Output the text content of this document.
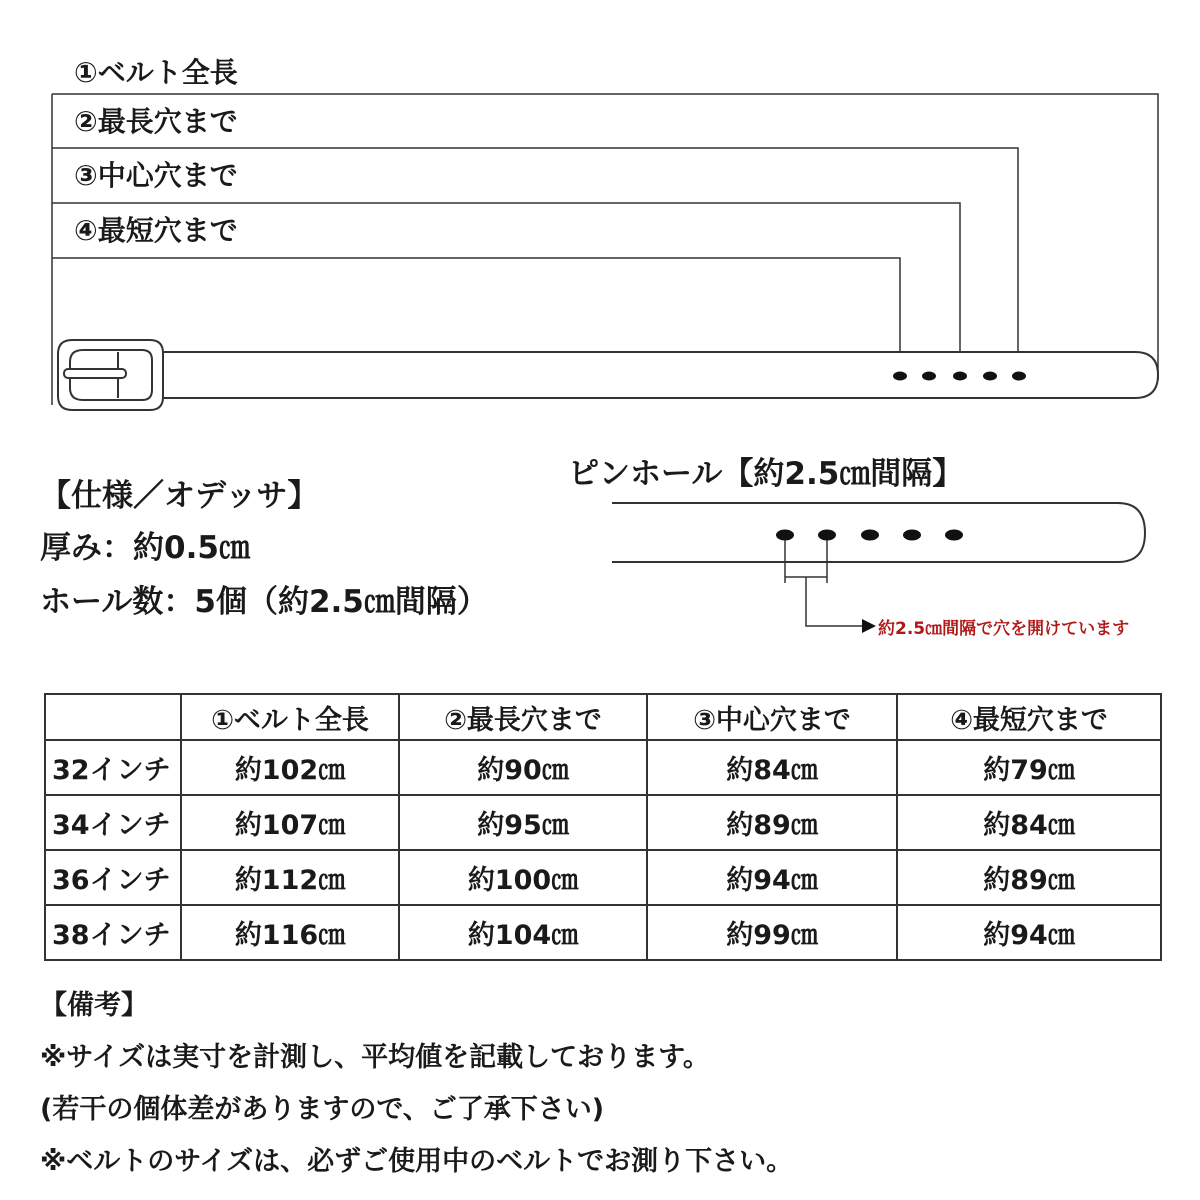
①ベルト全長
②最長穴まで
③中心穴まで
④最短穴まで
【仕様／オデッサ】
厚み：約0.5㎝
ホール数：5個（約2.5㎝間隔）
ピンホール【約2.5㎝間隔】
約2.5㎝間隔で穴を開けています
	①ベルト全長	②最長穴まで	③中心穴まで	④最短穴まで
32インチ	約102㎝	約90㎝	約84㎝	約79㎝
34インチ	約107㎝	約95㎝	約89㎝	約84㎝
36インチ	約112㎝	約100㎝	約94㎝	約89㎝
38インチ	約116㎝	約104㎝	約99㎝	約94㎝
【備考】
※サイズは実寸を計測し、平均値を記載しております。
(若干の個体差がありますので、ご了承下さい)
※ベルトのサイズは、必ずご使用中のベルトでお測り下さい。
